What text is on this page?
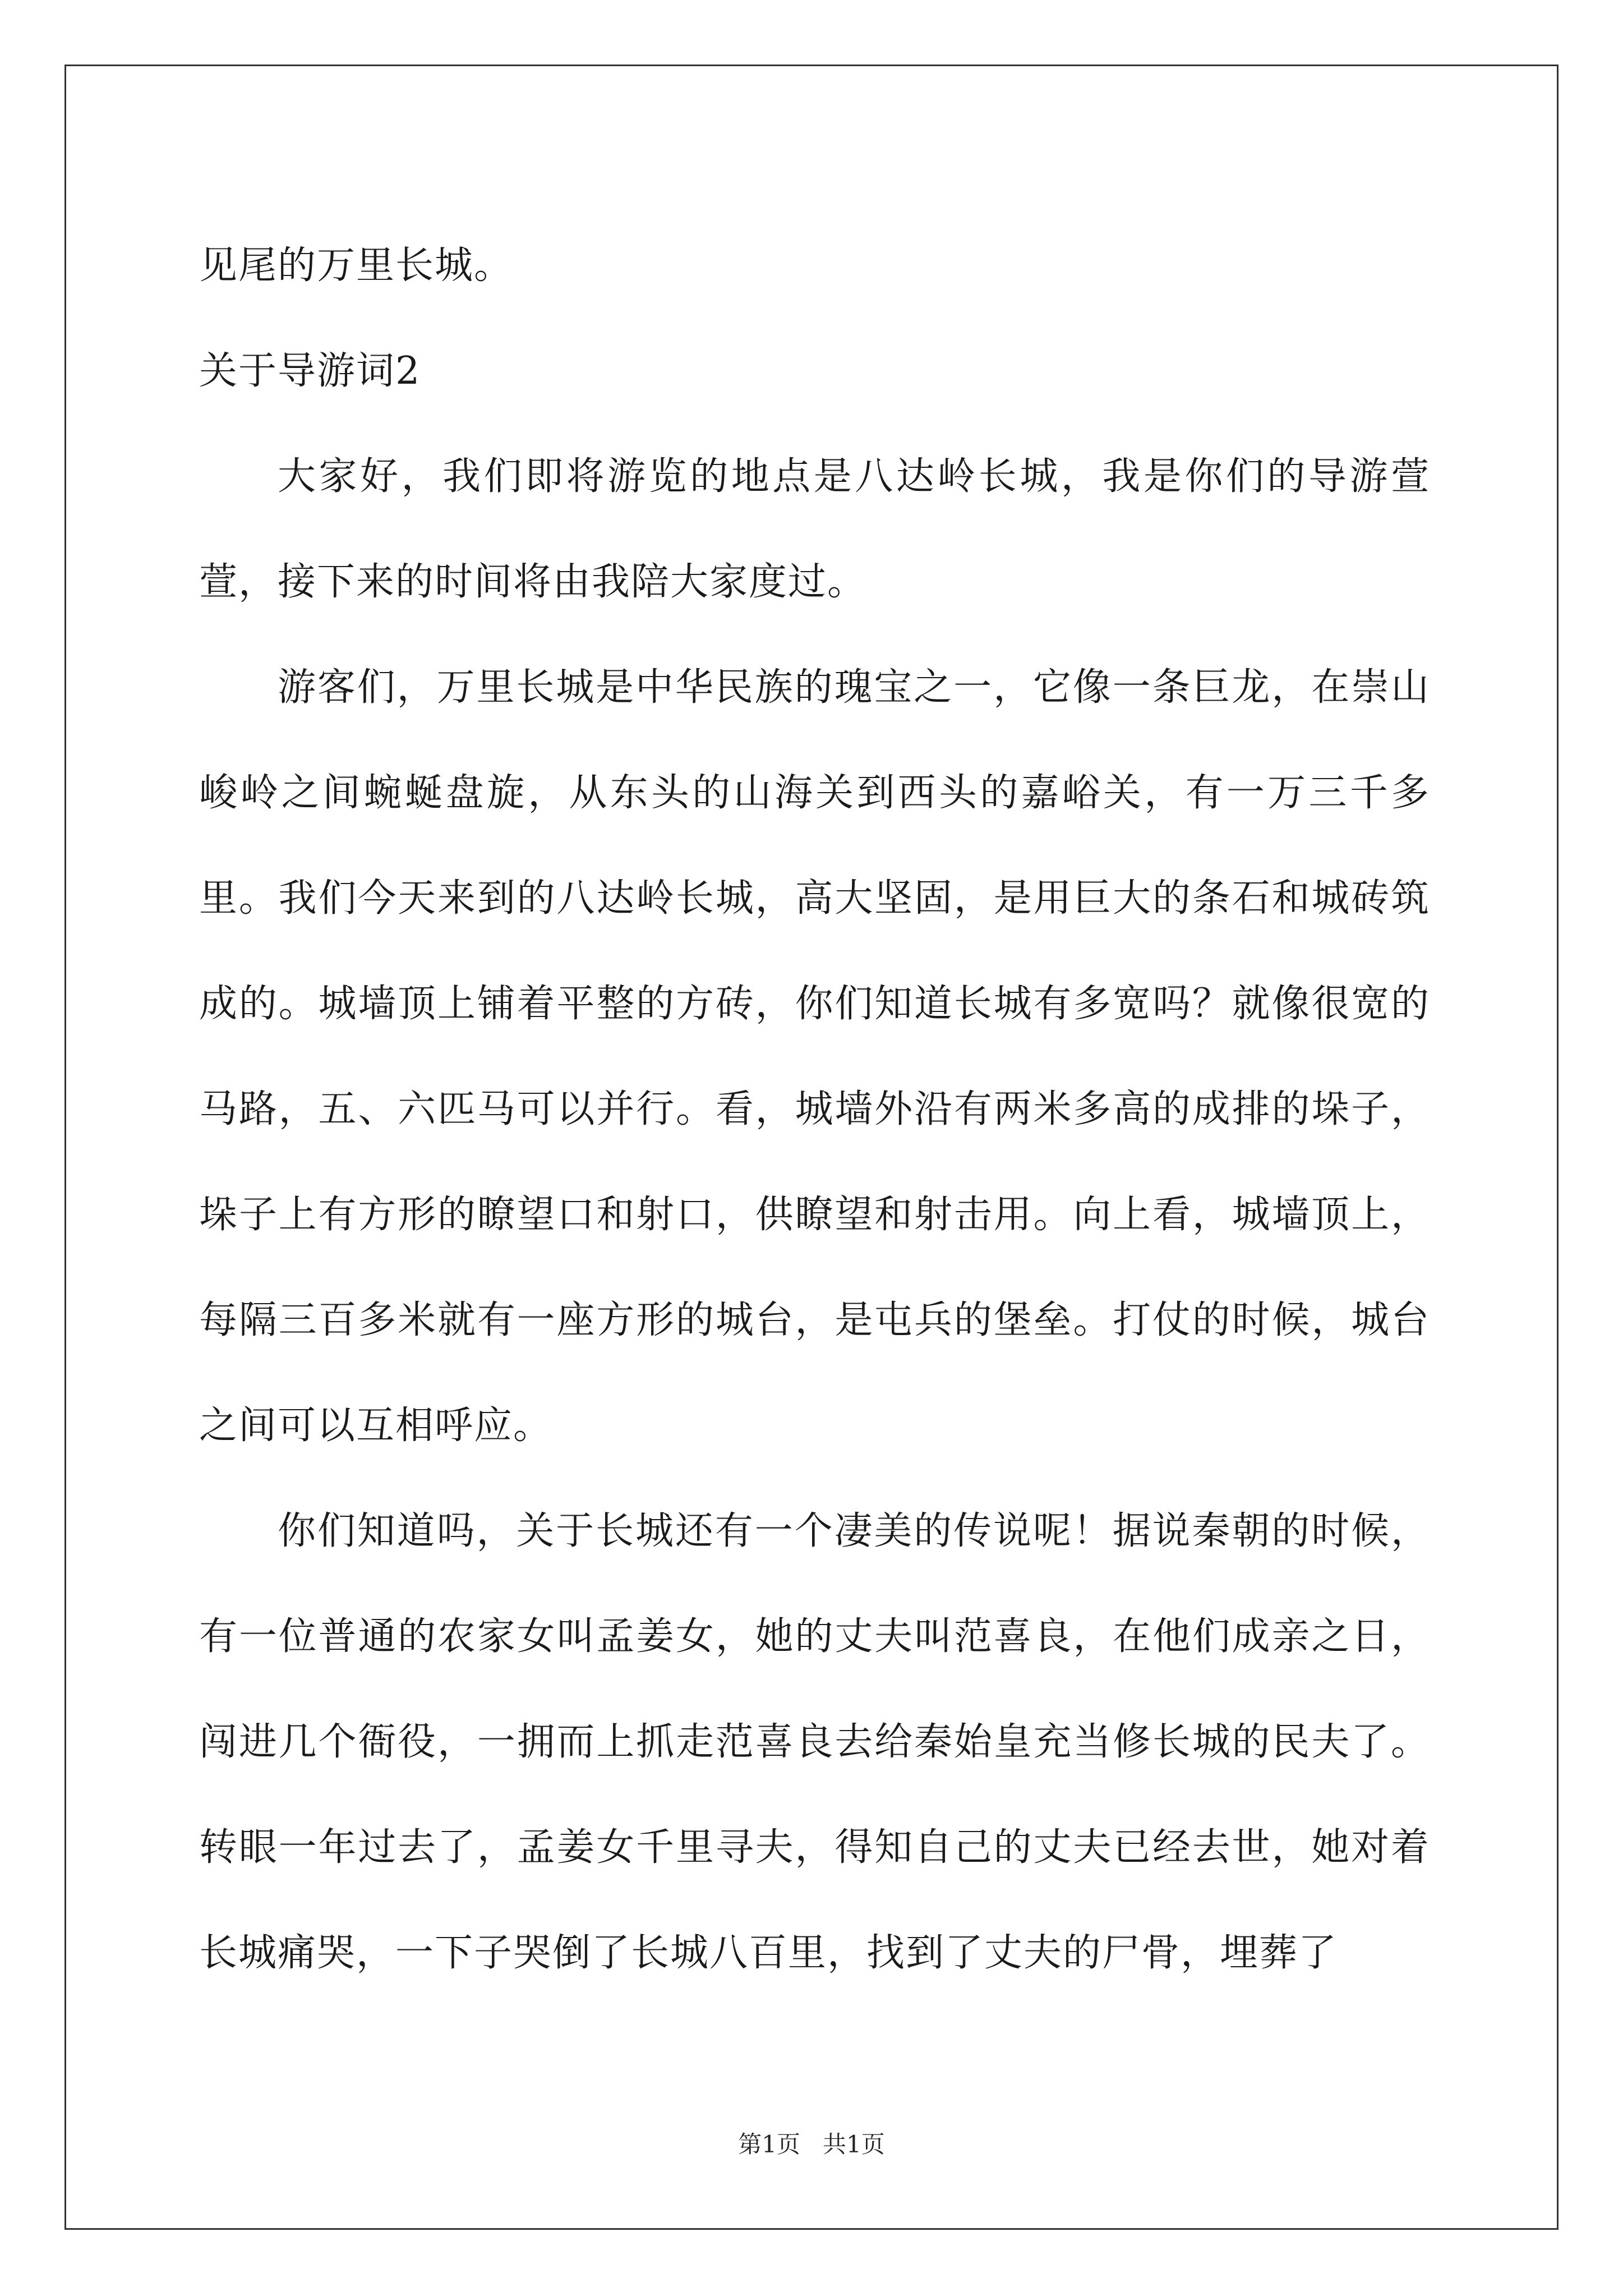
见尾的万里长城。

关于导游词2

大家好，我们即将游览的地点是八达岭长城，我是你们的导游萱萱，接下来的时间将由我陪大家度过。

游客们，万里长城是中华民族的瑰宝之一，它像一条巨龙，在崇山峻岭之间蜿蜒盘旋，从东头的山海关到西头的嘉峪关，有一万三千多里。我们今天来到的八达岭长城，高大坚固，是用巨大的条石和城砖筑成的。城墙顶上铺着平整的方砖，你们知道长城有多宽吗？就像很宽的马路，五、六匹马可以并行。看，城墙外沿有两米多高的成排的垛子，垛子上有方形的瞭望口和射口，供瞭望和射击用。向上看，城墙顶上，每隔三百多米就有一座方形的城台，是屯兵的堡垒。打仗的时候，城台之间可以互相呼应。

你们知道吗，关于长城还有一个凄美的传说呢！据说秦朝的时候，有一位普通的农家女叫孟姜女，她的丈夫叫范喜良，在他们成亲之日，闯进几个衙役，一拥而上抓走范喜良去给秦始皇充当修长城的民夫了。转眼一年过去了，孟姜女千里寻夫，得知自己的丈夫已经去世，她对着长城痛哭，一下子哭倒了长城八百里，找到了丈夫的尸骨，埋葬了

第1页   共1页
